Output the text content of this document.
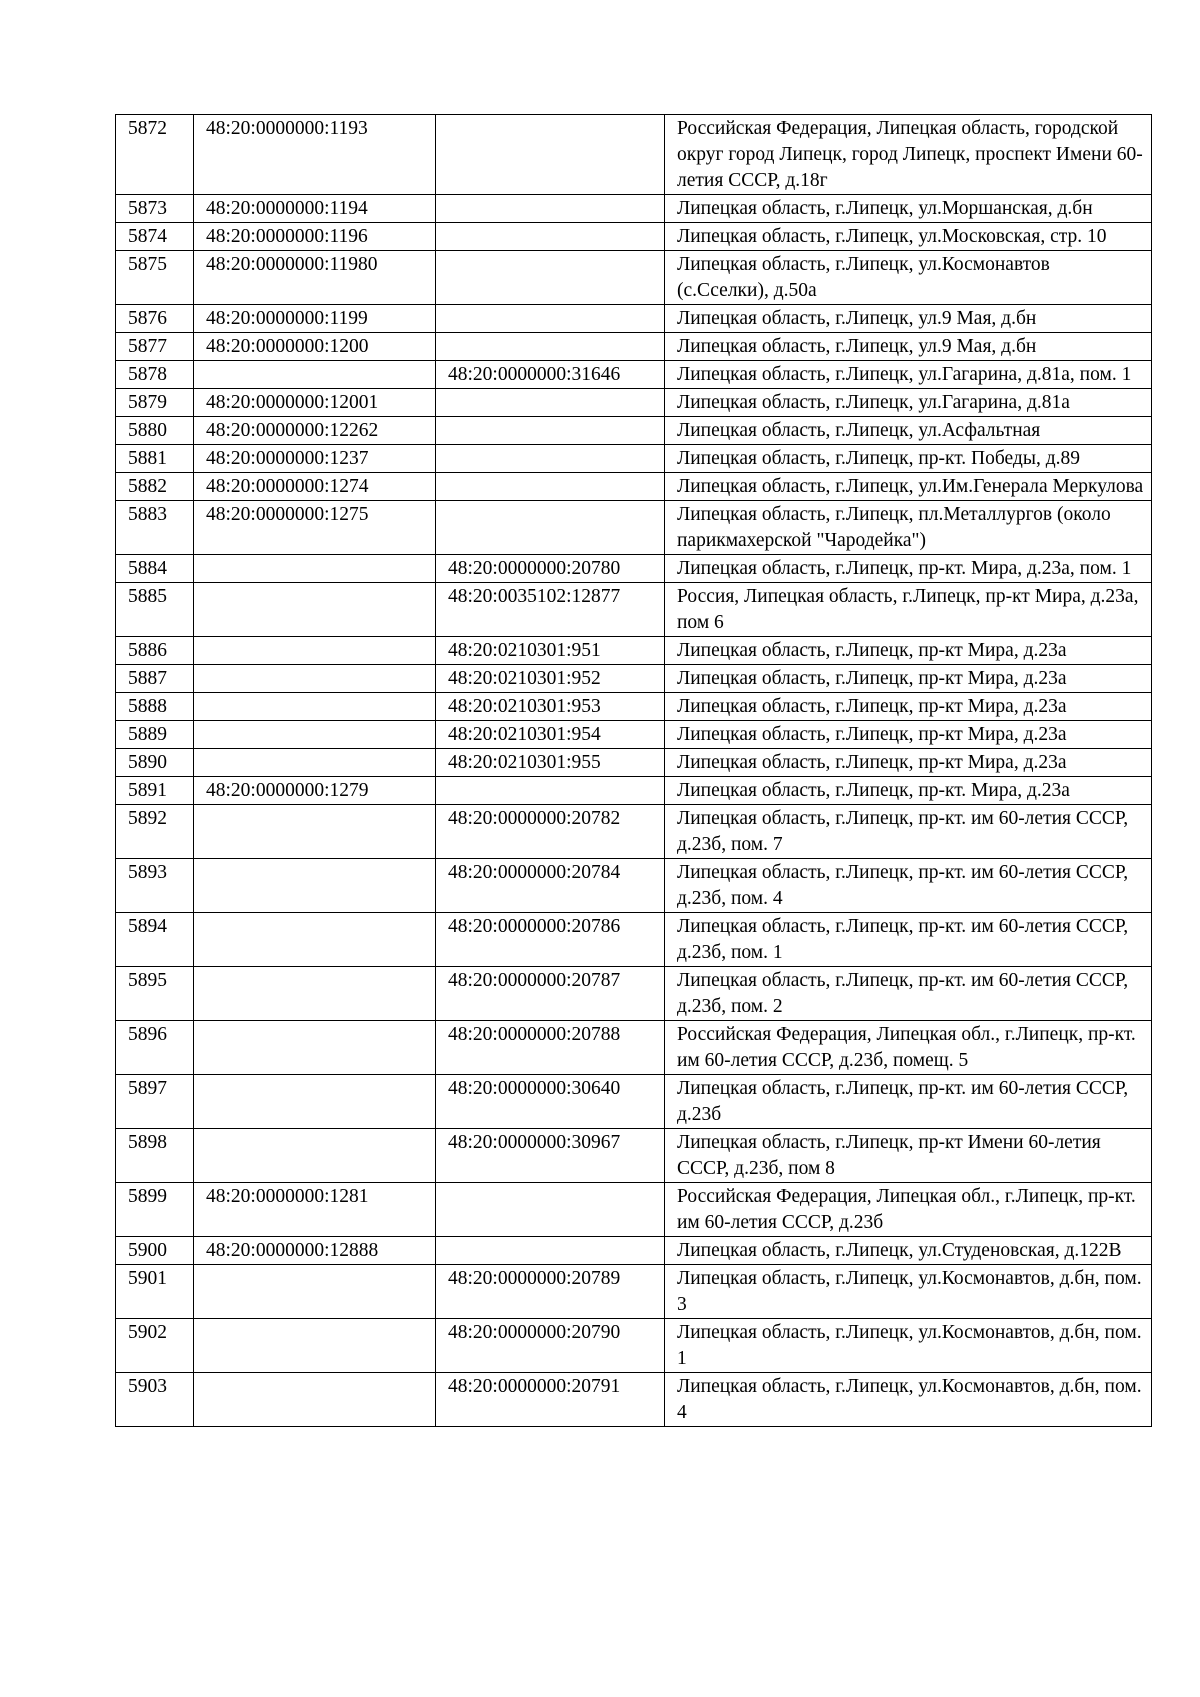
5872	48:20:0000000:1193		Российская Федерация, Липецкая область, городской округ город Липецк, город Липецк, проспект Имени 60-летия СССР, д.18г
5873	48:20:0000000:1194		Липецкая область, г.Липецк, ул.Моршанская, д.бн
5874	48:20:0000000:1196		Липецкая область, г.Липецк, ул.Московская, стр. 10
5875	48:20:0000000:11980		Липецкая область, г.Липецк, ул.Космонавтов (с.Сселки), д.50а
5876	48:20:0000000:1199		Липецкая область, г.Липецк, ул.9 Мая, д.бн
5877	48:20:0000000:1200		Липецкая область, г.Липецк, ул.9 Мая, д.бн
5878		48:20:0000000:31646	Липецкая область, г.Липецк, ул.Гагарина, д.81а, пом. 1
5879	48:20:0000000:12001		Липецкая область, г.Липецк, ул.Гагарина, д.81а
5880	48:20:0000000:12262		Липецкая область, г.Липецк, ул.Асфальтная
5881	48:20:0000000:1237		Липецкая область, г.Липецк, пр-кт. Победы, д.89
5882	48:20:0000000:1274		Липецкая область, г.Липецк, ул.Им.Генерала Меркулова
5883	48:20:0000000:1275		Липецкая область, г.Липецк, пл.Металлургов (около парикмахерской "Чародейка")
5884		48:20:0000000:20780	Липецкая область, г.Липецк, пр-кт. Мира, д.23а, пом. 1
5885		48:20:0035102:12877	Россия, Липецкая область, г.Липецк, пр-кт Мира, д.23а, пом 6
5886		48:20:0210301:951	Липецкая область, г.Липецк, пр-кт Мира, д.23а
5887		48:20:0210301:952	Липецкая область, г.Липецк, пр-кт Мира, д.23а
5888		48:20:0210301:953	Липецкая область, г.Липецк, пр-кт Мира, д.23а
5889		48:20:0210301:954	Липецкая область, г.Липецк, пр-кт Мира, д.23а
5890		48:20:0210301:955	Липецкая область, г.Липецк, пр-кт Мира, д.23а
5891	48:20:0000000:1279		Липецкая область, г.Липецк, пр-кт. Мира, д.23а
5892		48:20:0000000:20782	Липецкая область, г.Липецк, пр-кт. им 60-летия СССР, д.23б, пом. 7
5893		48:20:0000000:20784	Липецкая область, г.Липецк, пр-кт. им 60-летия СССР, д.23б, пом. 4
5894		48:20:0000000:20786	Липецкая область, г.Липецк, пр-кт. им 60-летия СССР, д.23б, пом. 1
5895		48:20:0000000:20787	Липецкая область, г.Липецк, пр-кт. им 60-летия СССР, д.23б, пом. 2
5896		48:20:0000000:20788	Российская Федерация, Липецкая обл., г.Липецк, пр-кт. им 60-летия СССР, д.23б, помещ. 5
5897		48:20:0000000:30640	Липецкая область, г.Липецк, пр-кт. им 60-летия СССР, д.23б
5898		48:20:0000000:30967	Липецкая область, г.Липецк, пр-кт Имени 60-летия СССР, д.23б, пом 8
5899	48:20:0000000:1281		Российская Федерация, Липецкая обл., г.Липецк, пр-кт. им 60-летия СССР, д.23б
5900	48:20:0000000:12888		Липецкая область, г.Липецк, ул.Студеновская, д.122В
5901		48:20:0000000:20789	Липецкая область, г.Липецк, ул.Космонавтов, д.бн, пом. 3
5902		48:20:0000000:20790	Липецкая область, г.Липецк, ул.Космонавтов, д.бн, пом. 1
5903		48:20:0000000:20791	Липецкая область, г.Липецк, ул.Космонавтов, д.бн, пом. 4
